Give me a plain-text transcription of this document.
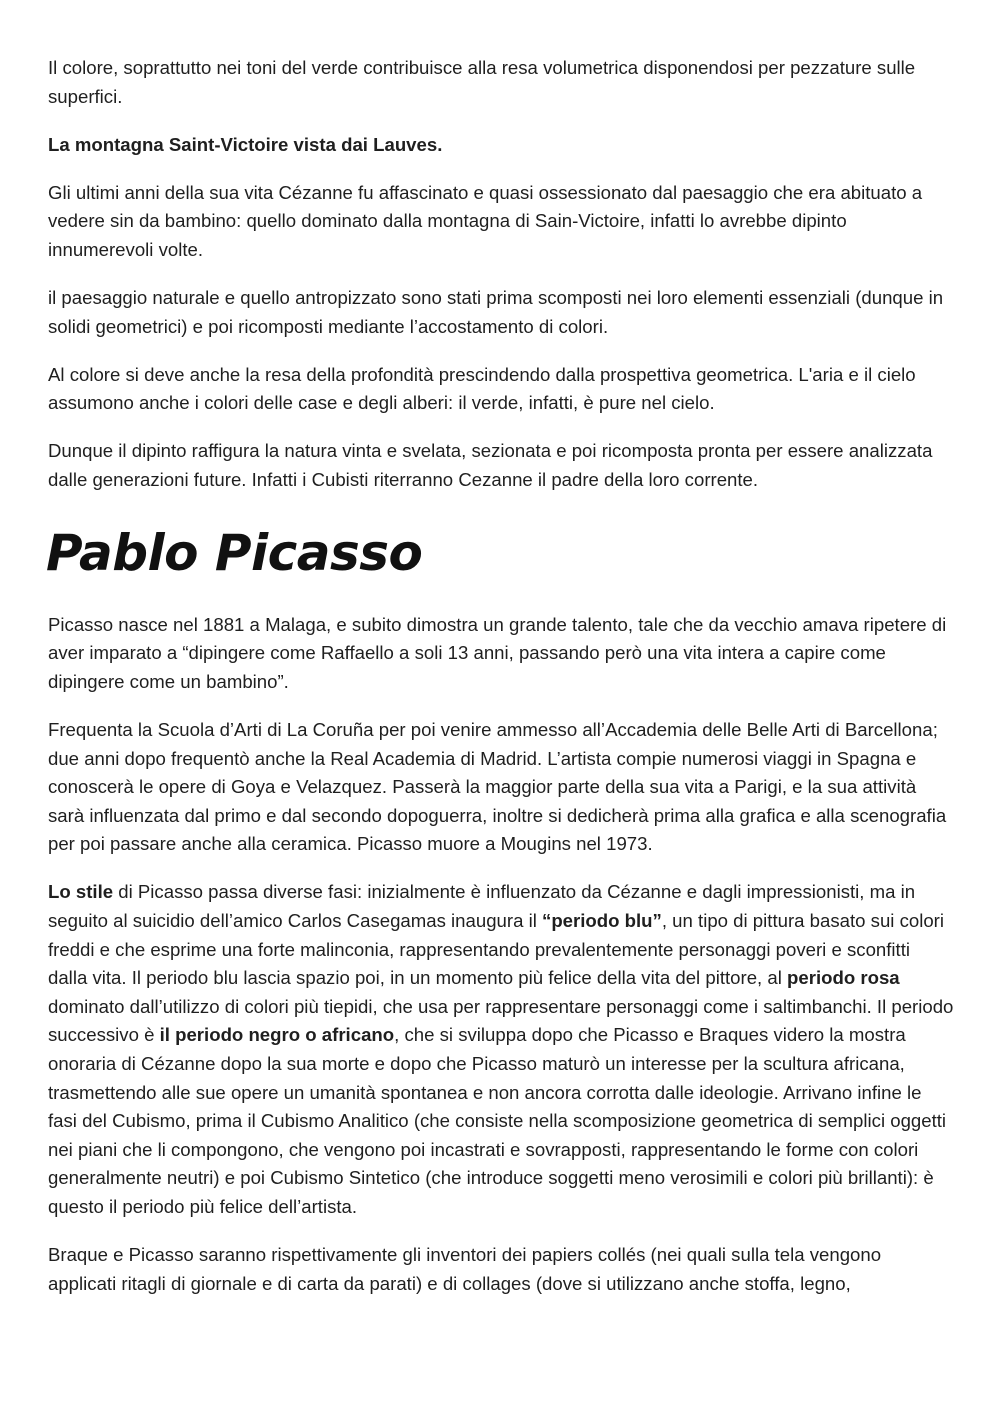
Il colore, soprattutto nei toni del verde contribuisce alla resa volumetrica disponendosi per pezzature sulle superfici.

La montagna Saint-Victoire vista dai Lauves.

Gli ultimi anni della sua vita Cézanne fu affascinato e quasi ossessionato dal paesaggio che era abituato a vedere sin da bambino: quello dominato dalla montagna di Sain-Victoire, infatti lo avrebbe dipinto innumerevoli volte.

il paesaggio naturale e quello antropizzato sono stati prima scomposti nei loro elementi essenziali (dunque in solidi geometrici) e poi ricomposti mediante l’accostamento di colori.

Al colore si deve anche la resa della profondità prescindendo dalla prospettiva geometrica. L'aria e il cielo assumono anche i colori delle case e degli alberi: il verde, infatti, è pure nel cielo.

Dunque il dipinto raffigura la natura vinta e svelata, sezionata e poi ricomposta pronta per essere analizzata dalle generazioni future. Infatti i Cubisti riterranno Cezanne il padre della loro corrente.

Pablo Picasso

Picasso nasce nel 1881 a Malaga, e subito dimostra un grande talento, tale che da vecchio amava ripetere di aver imparato a “dipingere come Raffaello a soli 13 anni, passando però una vita intera a capire come dipingere come un bambino”.

Frequenta la Scuola d’Arti di La Coruña per poi venire ammesso all’Accademia delle Belle Arti di Barcellona; due anni dopo frequentò anche la Real Academia di Madrid. L’artista compie numerosi viaggi in Spagna e conoscerà le opere di Goya e Velazquez. Passerà la maggior parte della sua vita a Parigi, e la sua attività sarà influenzata dal primo e dal secondo dopoguerra, inoltre si dedicherà prima alla grafica e alla scenografia per poi passare anche alla ceramica. Picasso muore a Mougins nel 1973.

Lo stile di Picasso passa diverse fasi: inizialmente è influenzato da Cézanne e dagli impressionisti, ma in seguito al suicidio dell’amico Carlos Casegamas inaugura il “periodo blu”, un tipo di pittura basato sui colori freddi e che esprime una forte malinconia, rappresentando prevalentemente personaggi poveri e sconfitti dalla vita. Il periodo blu lascia spazio poi, in un momento più felice della vita del pittore, al periodo rosa dominato dall’utilizzo di colori più tiepidi, che usa per rappresentare personaggi come i saltimbanchi. Il periodo successivo è il periodo negro o africano, che si sviluppa dopo che Picasso e Braques videro la mostra onoraria di Cézanne dopo la sua morte e dopo che Picasso maturò un interesse per la scultura africana, trasmettendo alle sue opere un umanità spontanea e non ancora corrotta dalle ideologie. Arrivano infine le fasi del Cubismo, prima il Cubismo Analitico (che consiste nella scomposizione geometrica di semplici oggetti nei piani che li compongono, che vengono poi incastrati e sovrapposti, rappresentando le forme con colori generalmente neutri) e poi Cubismo Sintetico (che introduce soggetti meno verosimili e colori più brillanti): è questo il periodo più felice dell’artista.

Braque e Picasso saranno rispettivamente gli inventori dei papiers collés (nei quali sulla tela vengono applicati ritagli di giornale e di carta da parati) e di collages (dove si utilizzano anche stoffa, legno,
